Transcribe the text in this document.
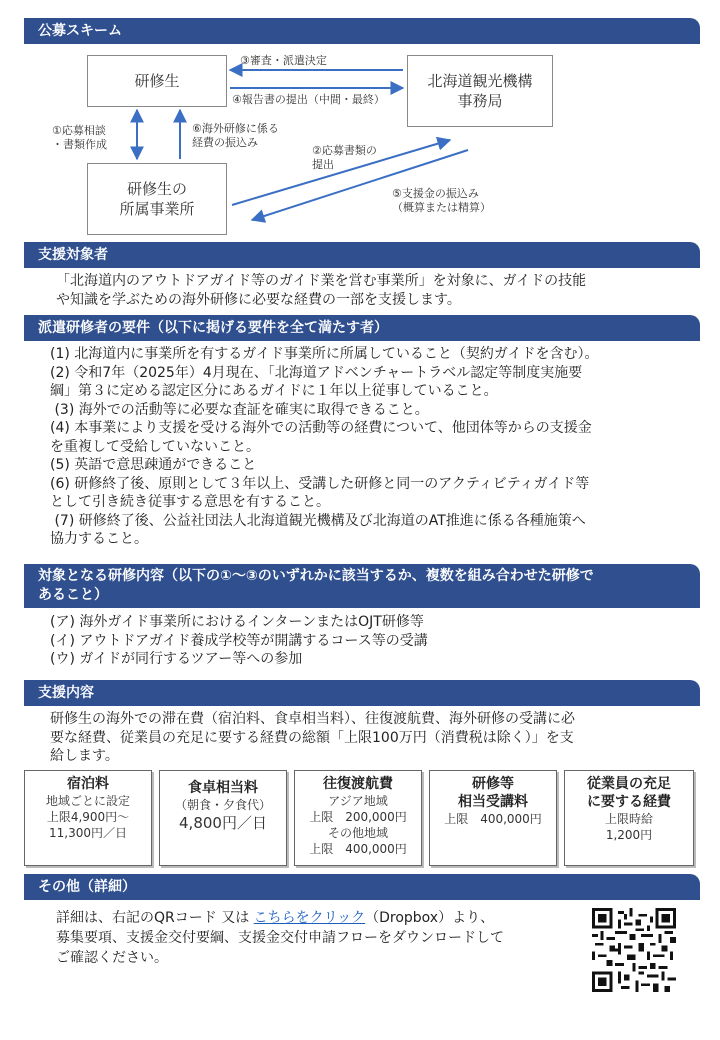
公募スキーム
研修生	北海道観光機構
事務局
研修生の
所属事業所
③審査・派遣決定
④報告書の提出（中間・最終）
①応募相談
・書類作成
⑥海外研修に係る
経費の振込み
②応募書類の
提出
⑤支援金の振込み
（概算または精算）
支援対象者

「北海道内のアウトドアガイド等のガイド業を営む事業所」を対象に、ガイドの技能

や知識を学ぶための海外研修に必要な経費の一部を支援します。

派遣研修者の要件（以下に掲げる要件を全て満たす者）

(1) 北海道内に事業所を有するガイド事業所に所属していること（契約ガイドを含む）。

(2) 令和7年（2025年）4月現在、「北海道アドベンチャートラベル認定等制度実施要

綱」第３に定める認定区分にあるガイドに１年以上従事していること。

(3) 海外での活動等に必要な査証を確実に取得できること。

(4) 本事業により支援を受ける海外での活動等の経費について、他団体等からの支援金

を重複して受給していないこと。

(5) 英語で意思疎通ができること

(6) 研修終了後、原則として３年以上、受講した研修と同一のアクティビティガイド等

として引き続き従事する意思を有すること。

(7) 研修終了後、公益社団法人北海道観光機構及び北海道のAT推進に係る各種施策へ

協力すること。

対象となる研修内容（以下の①～③のいずれかに該当するか、複数を組み合わせた研修で
あること）

(ア) 海外ガイド事業所におけるインターンまたはOJT研修等

(イ) アウトドアガイド養成学校等が開講するコース等の受講

(ウ) ガイドが同行するツアー等への参加

支援内容

研修生の海外での滞在費（宿泊料、食卓相当料）、往復渡航費、海外研修の受講に必

要な経費、従業員の充足に要する経費の総額「上限100万円（消費税は除く）」を支

給します。

宿泊料
地域ごとに設定
上限4,900円～
11,300円／日
食卓相当料
（朝食・夕食代）
4,800円／日
往復渡航費
アジア地域
上限　200,000円
その他地域
上限　400,000円
研修等
相当受講料
上限　400,000円
従業員の充足
に要する経費
上限時給
1,200円
その他（詳細）

詳細は、右記のQRコード 又は こちらをクリック（Dropbox）より、

募集要項、支援金交付要綱、支援金交付申請フローをダウンロードして

ご確認ください。
